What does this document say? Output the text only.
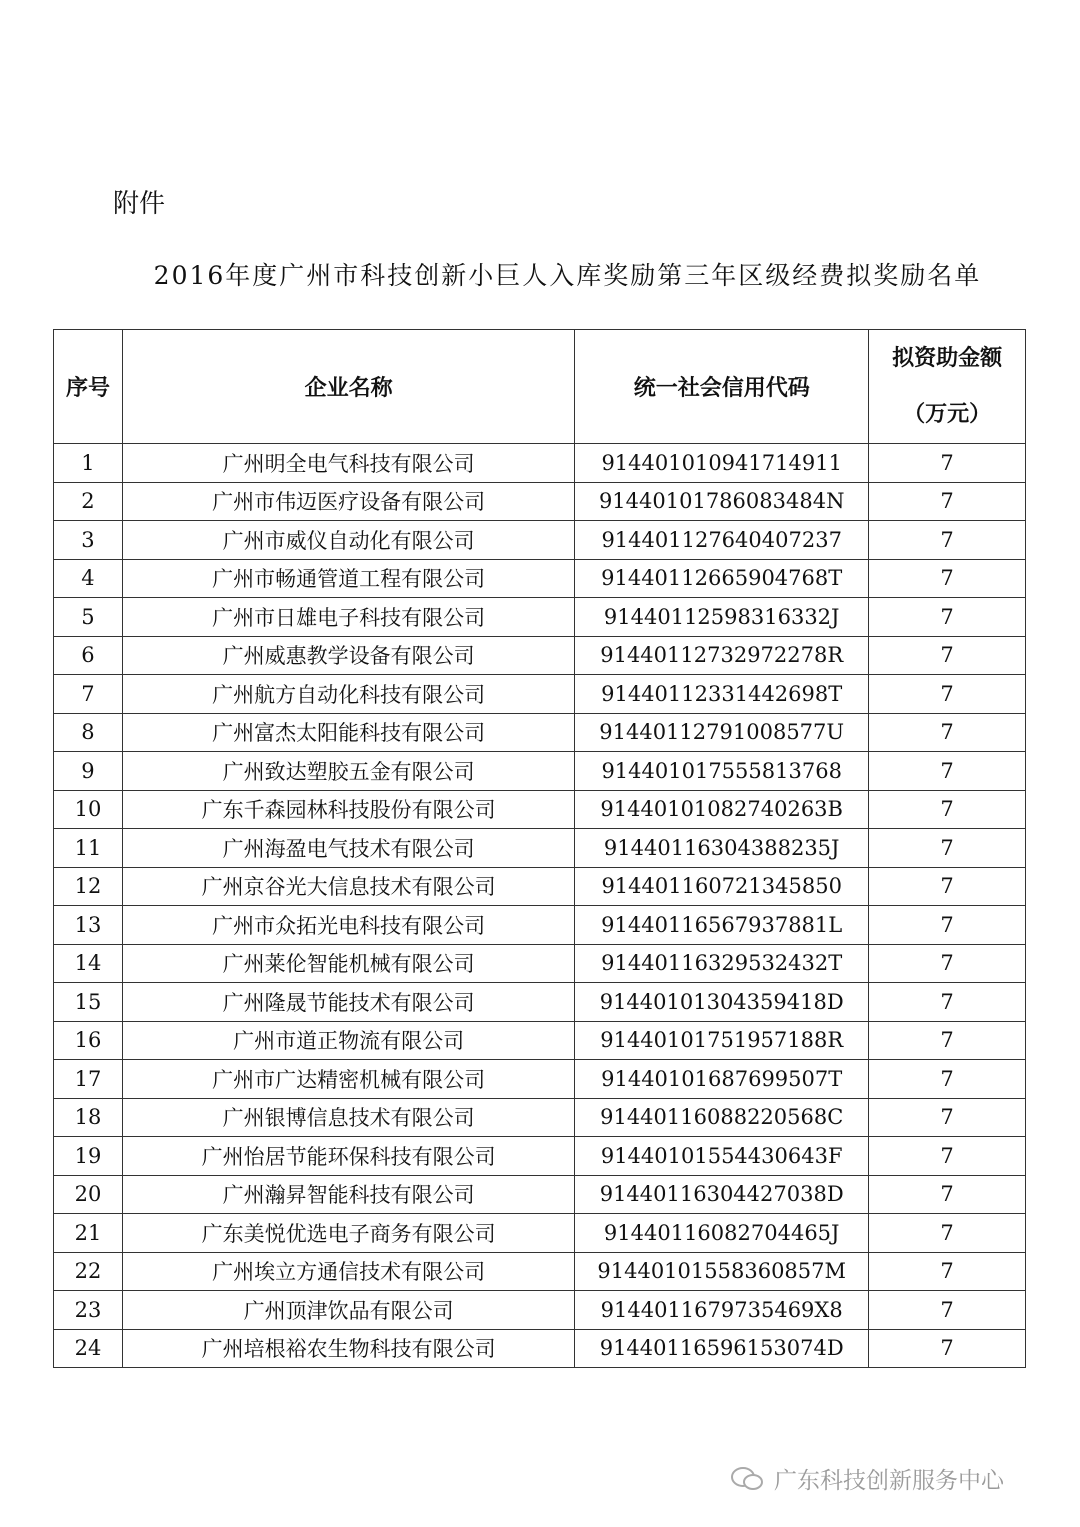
附件
2016年度广州市科技创新小巨人入库奖励第三年区级经费拟奖励名单
序号	企业名称	统一社会信用代码	拟资助金额
（万元）

1	广州明全电气科技有限公司	914401010941714911	7
2	广州市伟迈医疗设备有限公司	91440101786083484N	7
3	广州市威仪自动化有限公司	914401127640407237	7
4	广州市畅通管道工程有限公司	91440112665904768T	7
5	广州市日雄电子科技有限公司	91440112598316332J	7
6	广州威惠教学设备有限公司	91440112732972278R	7
7	广州航方自动化科技有限公司	91440112331442698T	7
8	广州富杰太阳能科技有限公司	91440112791008577U	7
9	广州致达塑胶五金有限公司	914401017555813768	7
10	广东千森园林科技股份有限公司	91440101082740263B	7
11	广州海盈电气技术有限公司	91440116304388235J	7
12	广州京谷光大信息技术有限公司	914401160721345850	7
13	广州市众拓光电科技有限公司	91440116567937881L	7
14	广州莱伦智能机械有限公司	91440116329532432T	7
15	广州隆晟节能技术有限公司	91440101304359418D	7
16	广州市道正物流有限公司	91440101751957188R	7
17	广州市广达精密机械有限公司	91440101687699507T	7
18	广州银博信息技术有限公司	91440116088220568C	7
19	广州怡居节能环保科技有限公司	91440101554430643F	7
20	广州瀚昇智能科技有限公司	91440116304427038D	7
21	广东美悦优选电子商务有限公司	91440116082704465J	7
22	广州埃立方通信技术有限公司	91440101558360857M	7
23	广州顶津饮品有限公司	9144011679735469X8	7
24	广州培根裕农生物科技有限公司	91440116596153074D	7
广东科技创新服务中心
